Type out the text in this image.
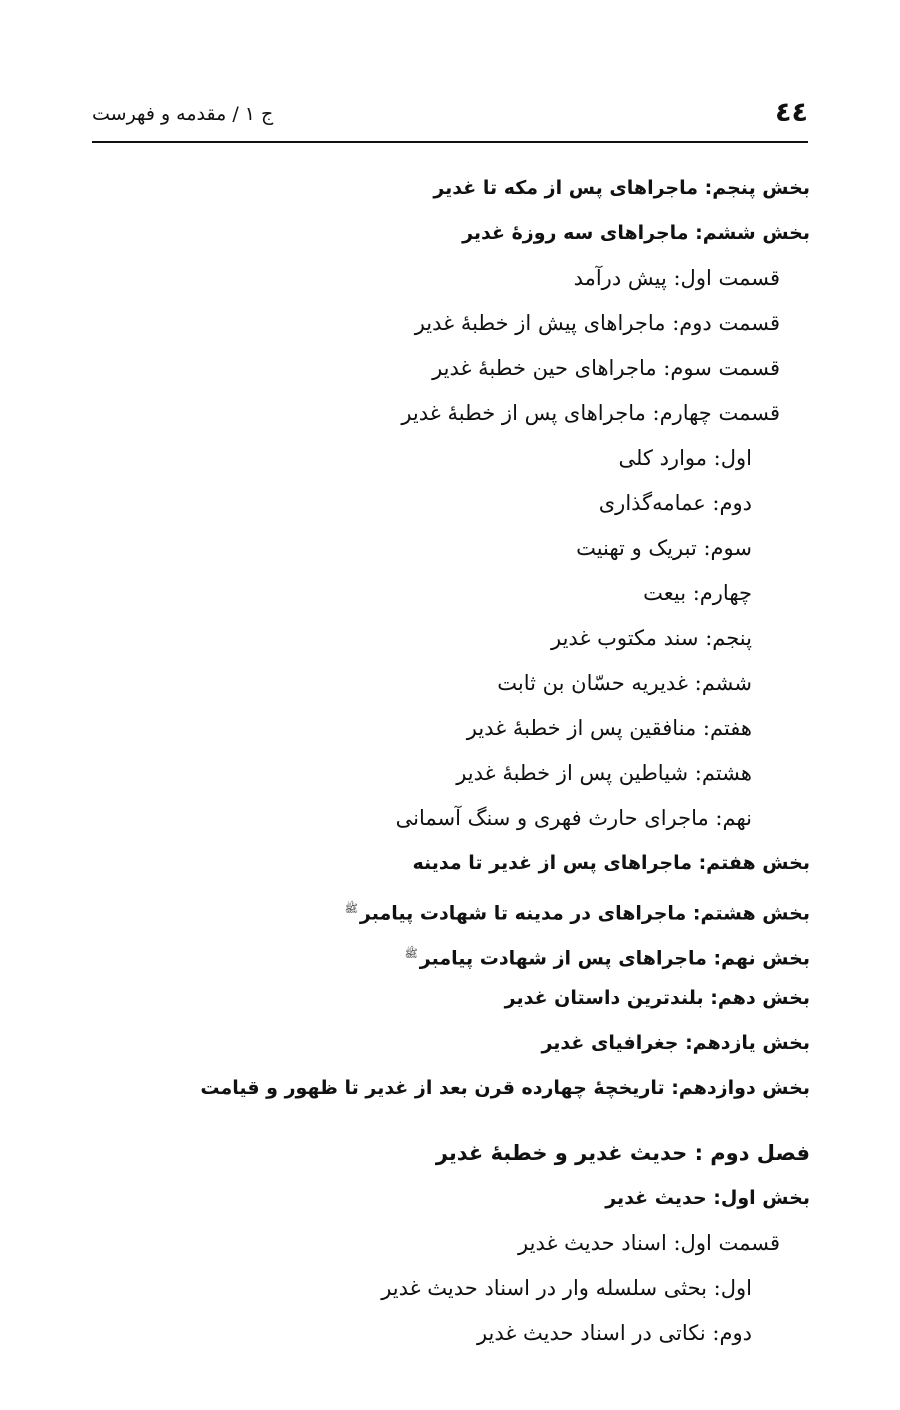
٤٤
ج ۱ / مقدمه و فهرست
بخش پنجم: ماجراهای پس از مکه تا غدیر
بخش ششم: ماجراهای سه روزهٔ غدیر
قسمت اول: پیش درآمد
قسمت دوم: ماجراهای پیش از خطبهٔ غدیر
قسمت سوم: ماجراهای حین خطبهٔ غدیر
قسمت چهارم: ماجراهای پس از خطبهٔ غدیر
اول: موارد کلی
دوم: عمامه‌گذاری
سوم: تبریک و تهنیت
چهارم: بیعت
پنجم: سند مکتوب غدیر
ششم: غدیریه حسّان بن ثابت
هفتم: منافقین پس از خطبهٔ غدیر
هشتم: شیاطین پس از خطبهٔ غدیر
نهم: ماجرای حارث فهری و سنگ آسمانی
بخش هفتم: ماجراهای پس از غدیر تا مدینه
بخش هشتم: ماجراهای در مدینه تا شهادت پیامبر$^ﷺ$
بخش نهم: ماجراهای پس از شهادت پیامبر$^ﷺ$
بخش دهم: بلندترین داستان غدیر
بخش یازدهم: جغرافیای غدیر
بخش دوازدهم: تاریخچهٔ چهارده قرن بعد از غدیر تا ظهور و قیامت
فصل دوم : حدیث غدیر و خطبهٔ غدیر
بخش اول: حدیث غدیر
قسمت اول: اسناد حدیث غدیر
اول: بحثی سلسله وار در اسناد حدیث غدیر
دوم: نکاتی در اسناد حدیث غدیر
